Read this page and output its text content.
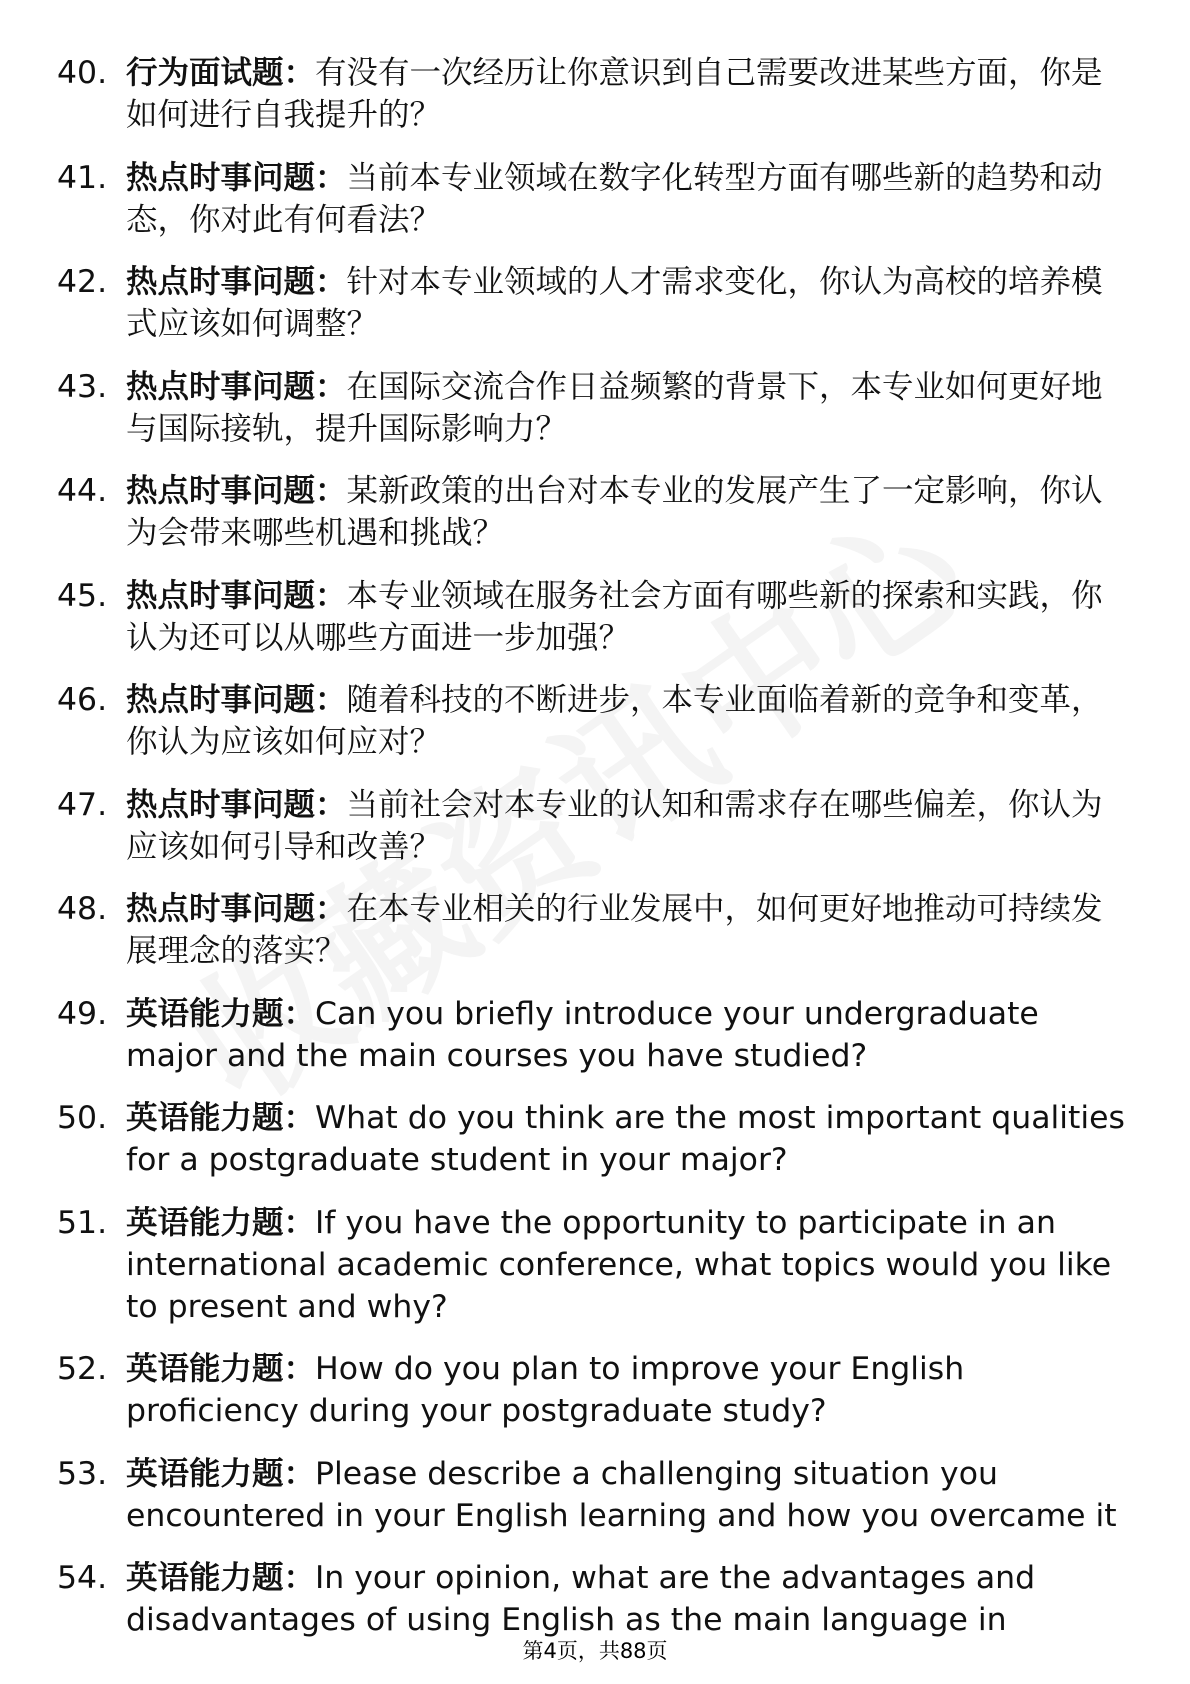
40. 行为面试题：有没有一次经历让你意识到自己需要改进某些方面，你是如何进行自我提升的？
41. 热点时事问题：当前本专业领域在数字化转型方面有哪些新的趋势和动态，你对此有何看法？
42. 热点时事问题：针对本专业领域的人才需求变化，你认为高校的培养模式应该如何调整？
43. 热点时事问题：在国际交流合作日益频繁的背景下，本专业如何更好地与国际接轨，提升国际影响力？
44. 热点时事问题：某新政策的出台对本专业的发展产生了一定影响，你认为会带来哪些机遇和挑战？
45. 热点时事问题：本专业领域在服务社会方面有哪些新的探索和实践，你认为还可以从哪些方面进一步加强？
46. 热点时事问题：随着科技的不断进步，本专业面临着新的竞争和变革，你认为应该如何应对？
47. 热点时事问题：当前社会对本专业的认知和需求存在哪些偏差，你认为应该如何引导和改善？
48. 热点时事问题：在本专业相关的行业发展中，如何更好地推动可持续发展理念的落实？
49. 英语能力题：Can you briefly introduce your undergraduate major and the main courses you have studied?
50. 英语能力题：What do you think are the most important qualities for a postgraduate student in your major?
51. 英语能力题：If you have the opportunity to participate in an international academic conference, what topics would you like to present and why?
52. 英语能力题：How do you plan to improve your English proficiency during your postgraduate study?
53. 英语能力题：Please describe a challenging situation you encountered in your English learning and how you overcame it
54. 英语能力题：In your opinion, what are the advantages and disadvantages of using English as the main language in
第4页，共88页
